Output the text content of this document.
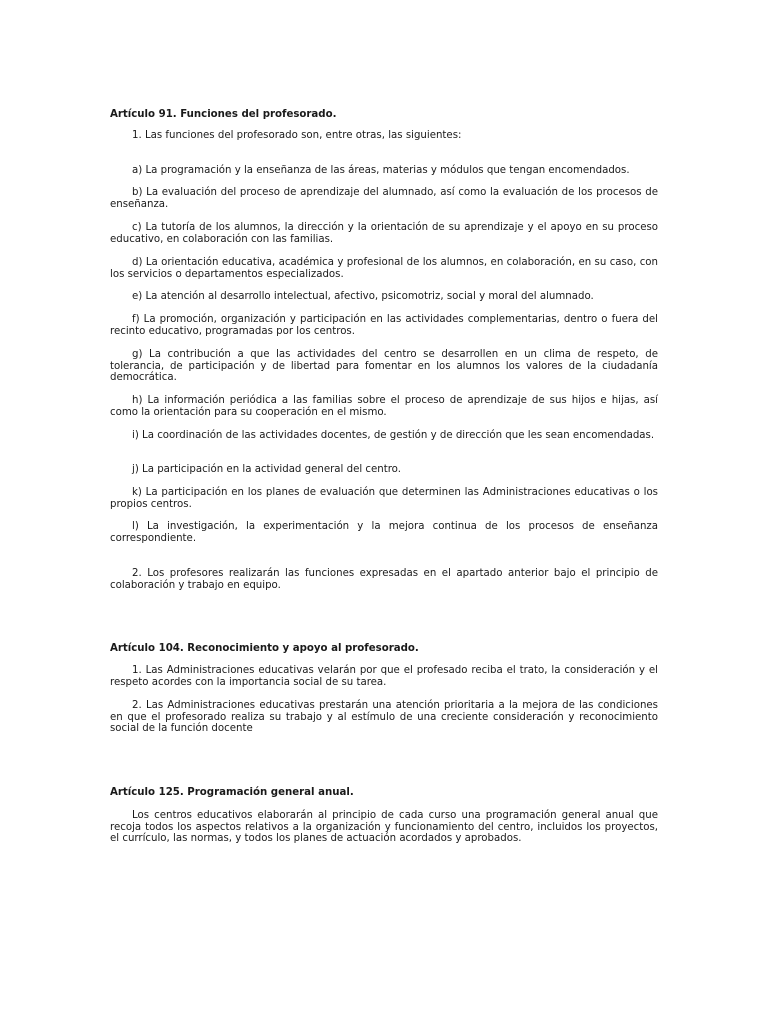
Artículo 91. Funciones del profesorado.

1. Las funciones del profesorado son, entre otras, las siguientes:

a) La programación y la enseñanza de las áreas, materias y módulos que tengan encomendados.

b) La evaluación del proceso de aprendizaje del alumnado, así como la evaluación de los procesos de enseñanza.

c) La tutoría de los alumnos, la dirección y la orientación de su aprendizaje y el apoyo en su proceso educativo, en colaboración con las familias.

d) La orientación educativa, académica y profesional de los alumnos, en colaboración, en su caso, con los servicios o departamentos especializados.

e) La atención al desarrollo intelectual, afectivo, psicomotriz, social y moral del alumnado.

f) La promoción, organización y participación en las actividades complementarias, dentro o fuera del recinto educativo, programadas por los centros.

g) La contribución a que las actividades del centro se desarrollen en un clima de respeto, de tolerancia, de participación y de libertad para fomentar en los alumnos los valores de la ciudadanía democrática.

h) La información periódica a las familias sobre el proceso de aprendizaje de sus hijos e hijas, así como la orientación para su cooperación en el mismo.

i) La coordinación de las actividades docentes, de gestión y de dirección que les sean encomendadas.

j) La participación en la actividad general del centro.

k) La participación en los planes de evaluación que determinen las Administraciones educativas o los propios centros.

l) La investigación, la experimentación y la mejora continua de los procesos de enseñanza correspondiente.

2. Los profesores realizarán las funciones expresadas en el apartado anterior bajo el principio de colaboración y trabajo en equipo.

Artículo 104. Reconocimiento y apoyo al profesorado.

1. Las Administraciones educativas velarán por que el profesado reciba el trato, la consideración y el respeto acordes con la importancia social de su tarea.

2. Las Administraciones educativas prestarán una atención prioritaria a la mejora de las condiciones en que el profesorado realiza su trabajo y al estímulo de una creciente consideración y reconocimiento social de la función docente

Artículo 125. Programación general anual.

Los centros educativos elaborarán al principio de cada curso una programación general anual que recoja todos los aspectos relativos a la organización y funcionamiento del centro, incluidos los proyectos, el currículo, las normas, y todos los planes de actuación acordados y aprobados.
